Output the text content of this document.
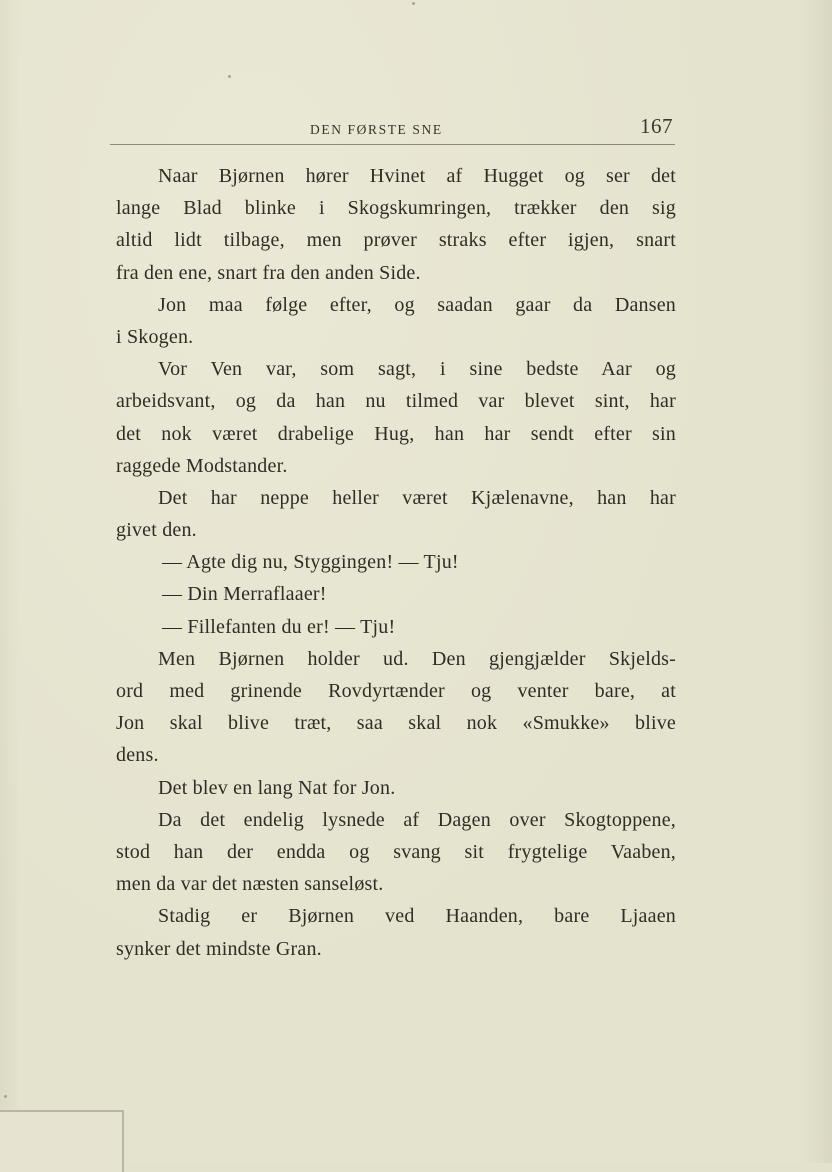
DEN FØRSTE SNE	167
Naar Bjørnen hører Hvinet af Hugget og ser det
lange Blad blinke i Skogskumringen, trækker den sig
altid lidt tilbage, men prøver straks efter igjen, snart
fra den ene, snart fra den anden Side.
Jon maa følge efter, og saadan gaar da Dansen
i Skogen.
Vor Ven var, som sagt, i sine bedste Aar og
arbeidsvant, og da han nu tilmed var blevet sint, har
det nok været drabelige Hug, han har sendt efter sin
raggede Modstander.
Det har neppe heller været Kjælenavne, han har
givet den.
— Agte dig nu, Styggingen! — Tju!
— Din Merraflaaer!
— Fillefanten du er! — Tju!
Men Bjørnen holder ud. Den gjengjælder Skjelds-
ord med grinende Rovdyrtænder og venter bare, at
Jon skal blive træt, saa skal nok «Smukke» blive
dens.
Det blev en lang Nat for Jon.
Da det endelig lysnede af Dagen over Skogtoppene,
stod han der endda og svang sit frygtelige Vaaben,
men da var det næsten sanseløst.
Stadig er Bjørnen ved Haanden, bare Ljaaen
synker det mindste Gran.
